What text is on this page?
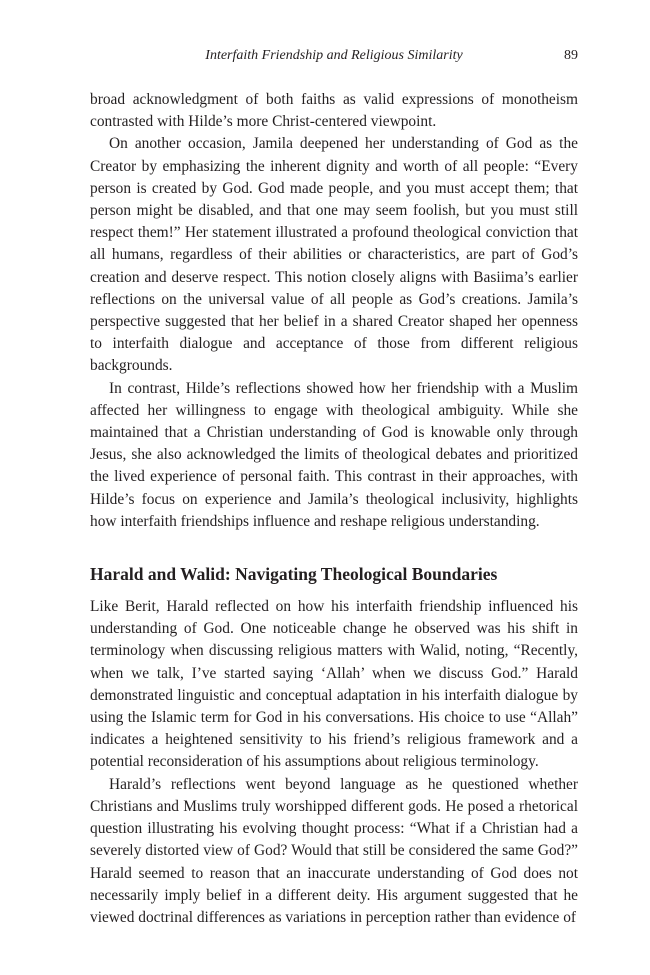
Interfaith Friendship and Religious Similarity	89

broad acknowledgment of both faiths as valid expressions of monotheism contrasted with Hilde’s more Christ-centered viewpoint.

On another occasion, Jamila deepened her understanding of God as the Creator by emphasizing the inherent dignity and worth of all people: “Every person is created by God. God made people, and you must accept them; that person might be disabled, and that one may seem foolish, but you must still respect them!” Her statement illustrated a profound theological conviction that all humans, regardless of their abilities or characteristics, are part of God’s creation and deserve respect. This notion closely aligns with Basiima’s earlier reflections on the universal value of all people as God’s creations. Jamila’s perspective suggested that her belief in a shared Creator shaped her openness to interfaith dialogue and acceptance of those from different religious backgrounds.

In contrast, Hilde’s reflections showed how her friendship with a Muslim affected her willingness to engage with theological ambiguity. While she maintained that a Christian understanding of God is knowable only through Jesus, she also acknowledged the limits of theological debates and prioritized the lived experience of personal faith. This contrast in their approaches, with Hilde’s focus on experience and Jamila’s theological inclusivity, highlights how interfaith friendships influence and reshape religious understanding.

Harald and Walid: Navigating Theological Boundaries

Like Berit, Harald reflected on how his interfaith friendship influenced his understanding of God. One noticeable change he observed was his shift in terminology when discussing religious matters with Walid, noting, “Recently, when we talk, I’ve started saying ‘Allah’ when we discuss God.” Harald demonstrated linguistic and conceptual adaptation in his interfaith dialogue by using the Islamic term for God in his conversations. His choice to use “Allah” indicates a heightened sensitivity to his friend’s religious framework and a potential reconsideration of his assumptions about religious terminology.

Harald’s reflections went beyond language as he questioned whether Christians and Muslims truly worshipped different gods. He posed a rhetorical question illustrating his evolving thought process: “What if a Christian had a severely distorted view of God? Would that still be considered the same God?” Harald seemed to reason that an inaccurate understanding of God does not necessarily imply belief in a different deity. His argument suggested that he viewed doctrinal differences as variations in perception rather than evidence of
